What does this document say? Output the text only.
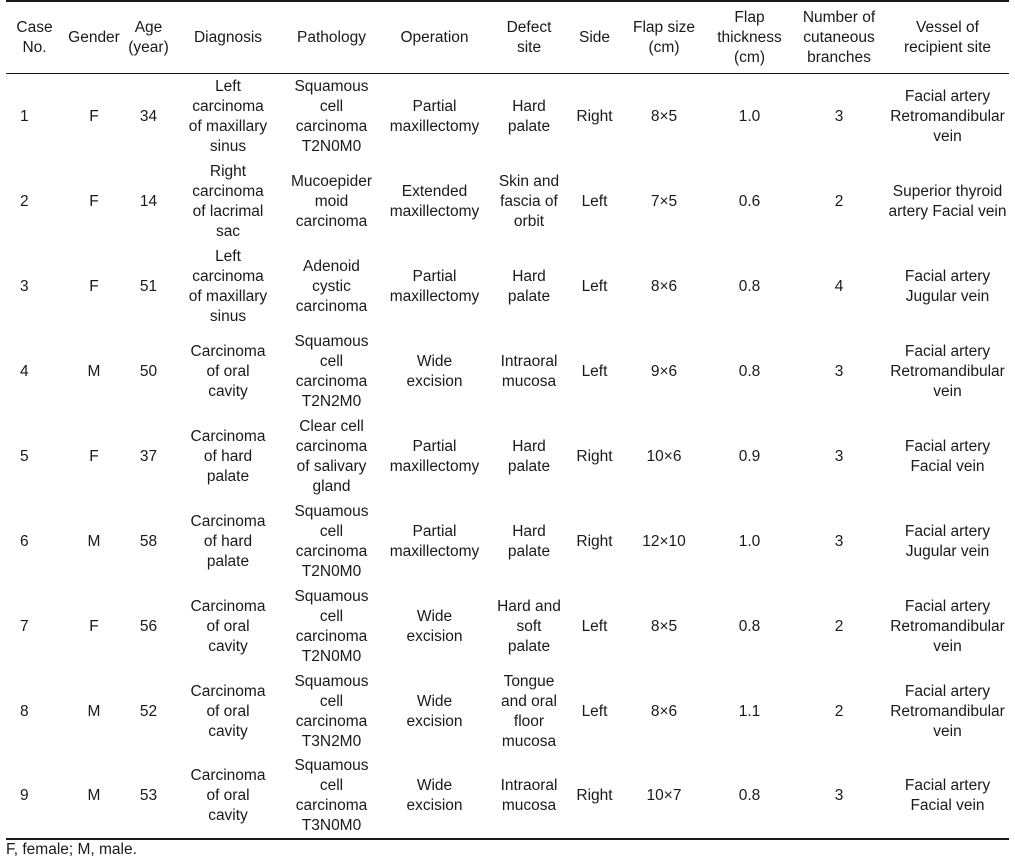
Case
No.	Gender	Age
(year)	Diagnosis	Pathology	Operation	Defect
site	Side	Flap size
(cm)	Flap
thickness
(cm)	Number of
cutaneous
branches	Vessel of
recipient site
1	F	34	Left
carcinoma
of maxillary
sinus	Squamous
cell
carcinoma
T2N0M0	Partial
maxillectomy	Hard
palate	Right	8×5	1.0	3	Facial artery
Retromandibular
vein
2	F	14	Right
carcinoma
of lacrimal
sac	Mucoepider
moid
carcinoma	Extended
maxillectomy	Skin and
fascia of
orbit	Left	7×5	0.6	2	Superior thyroid
artery Facial vein
3	F	51	Left
carcinoma
of maxillary
sinus	Adenoid
cystic
carcinoma	Partial
maxillectomy	Hard
palate	Left	8×6	0.8	4	Facial artery
Jugular vein
4	M	50	Carcinoma
of oral
cavity	Squamous
cell
carcinoma
T2N2M0	Wide
excision	Intraoral
mucosa	Left	9×6	0.8	3	Facial artery
Retromandibular
vein
5	F	37	Carcinoma
of hard
palate	Clear cell
carcinoma
of salivary
gland	Partial
maxillectomy	Hard
palate	Right	10×6	0.9	3	Facial artery
Facial vein
6	M	58	Carcinoma
of hard
palate	Squamous
cell
carcinoma
T2N0M0	Partial
maxillectomy	Hard
palate	Right	12×10	1.0	3	Facial artery
Jugular vein
7	F	56	Carcinoma
of oral
cavity	Squamous
cell
carcinoma
T2N0M0	Wide
excision	Hard and
soft
palate	Left	8×5	0.8	2	Facial artery
Retromandibular
vein
8	M	52	Carcinoma
of oral
cavity	Squamous
cell
carcinoma
T3N2M0	Wide
excision	Tongue
and oral
floor
mucosa	Left	8×6	1.1	2	Facial artery
Retromandibular
vein
9	M	53	Carcinoma
of oral
cavity	Squamous
cell
carcinoma
T3N0M0	Wide
excision	Intraoral
mucosa	Right	10×7	0.8	3	Facial artery
Facial vein
F, female; M, male.
